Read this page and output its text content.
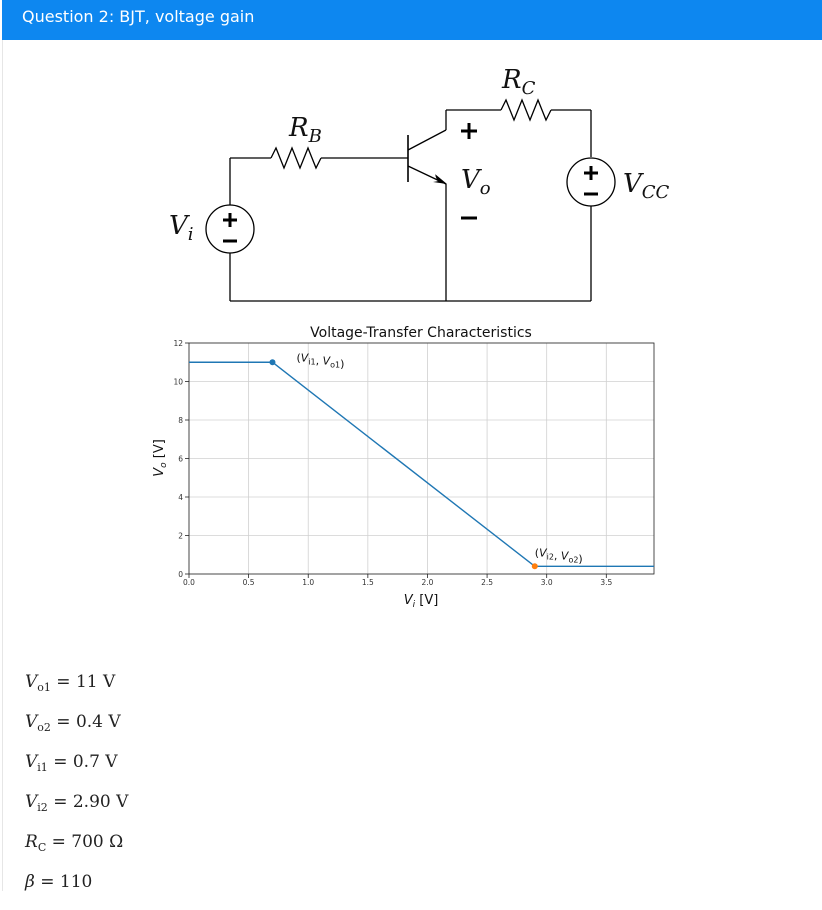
Question 2: BJT, voltage gain
$R_B$
$R_C$
$V_i$
$V_o$	$V_{CC}$
Voltage-Transfer Characteristics
0.0	0.5	1.0	1.5	2.0	2.5	3.0	3.5
0
2
4
6
8
10
12
($V_{i1}$, $V_{o1}$)
($V_{i2}$, $V_{o2}$)
$V_i$ [V]
$V_o$ [V]
$V_{o1} = 11$ V
$V_{o2} = 0.4$ V
$V_{i1} = 0.7$ V
$V_{i2} = 2.90$ V
$R_C = 700$ Ω
β = 110
